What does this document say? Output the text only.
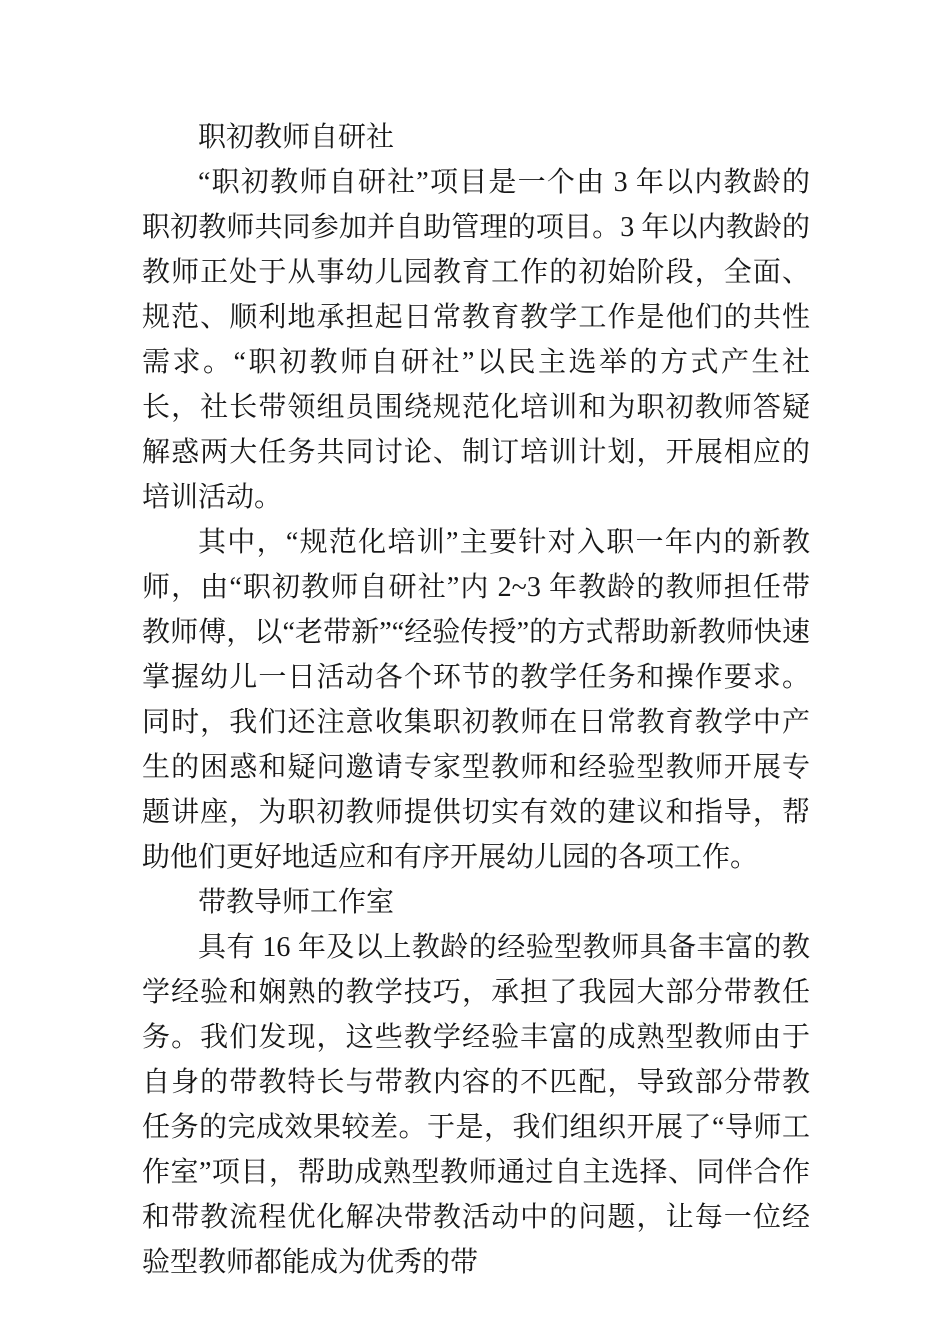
职初教师自研社

“职初教师自研社”项目是一个由 3 年以内教龄的职初教师共同参加并自助管理的项目。3 年以内教龄的教师正处于从事幼儿园教育工作的初始阶段，全面、规范、顺利地承担起日常教育教学工作是他们的共性需求。“职初教师自研社”以民主选举的方式产生社长，社长带领组员围绕规范化培训和为职初教师答疑解惑两大任务共同讨论、制订培训计划，开展相应的培训活动。

其中，“规范化培训”主要针对入职一年内的新教师，由“职初教师自研社”内 2~3 年教龄的教师担任带教师傅，以“老带新”“经验传授”的方式帮助新教师快速掌握幼儿一日活动各个环节的教学任务和操作要求。同时，我们还注意收集职初教师在日常教育教学中产生的困惑和疑问邀请专家型教师和经验型教师开展专题讲座，为职初教师提供切实有效的建议和指导，帮助他们更好地适应和有序开展幼儿园的各项工作。

带教导师工作室

具有 16 年及以上教龄的经验型教师具备丰富的教学经验和娴熟的教学技巧，承担了我园大部分带教任务。我们发现，这些教学经验丰富的成熟型教师由于自身的带教特长与带教内容的不匹配，导致部分带教任务的完成效果较差。于是，我们组织开展了“导师工作室”项目，帮助成熟型教师通过自主选择、同伴合作和带教流程优化解决带教活动中的问题，让每一位经验型教师都能成为优秀的带
